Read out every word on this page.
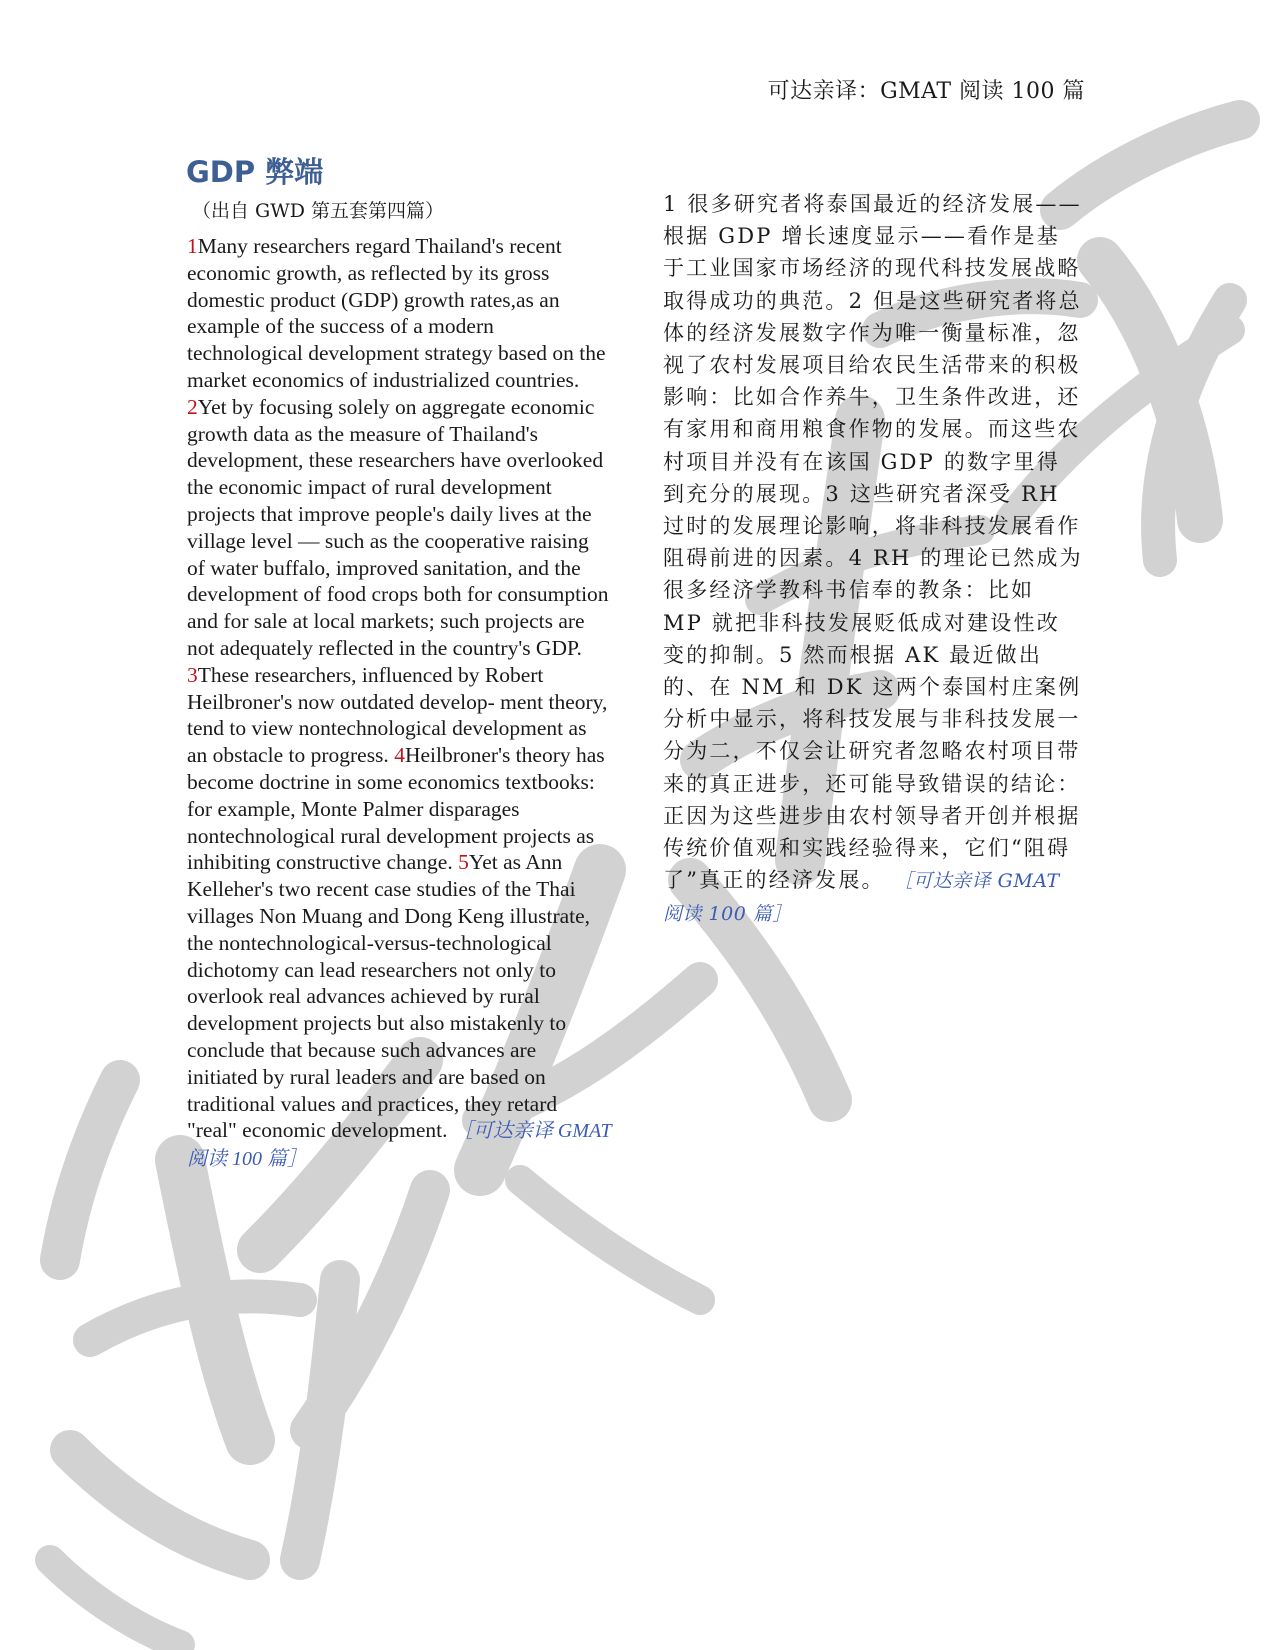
可达亲译：GMAT 阅读 100 篇
GDP 弊端
（出自 GWD 第五套第四篇）
1Many researchers regard Thailand's recent economic growth, as reflected by its gross domestic product (GDP) growth rates,as an example of the success of a modern technological development strategy based on the market economics of industrialized countries. 2Yet by focusing solely on aggregate economic growth data as the measure of Thailand's development, these researchers have overlooked the economic impact of rural development projects that improve people's daily lives at the village level — such as the cooperative raising of water buffalo, improved sanitation, and the development of food crops both for consumption and for sale at local markets; such projects are not adequately reflected in the country's GDP. 3These researchers, influenced by Robert Heilbroner's now outdated develop- ment theory, tend to view nontechnological development as an obstacle to progress. 4Heilbroner's theory has become doctrine in some economics textbooks: for example, Monte Palmer disparages nontechnological rural development projects as inhibiting constructive change. 5Yet as Ann Kelleher's two recent case studies of the Thai villages Non Muang and Dong Keng illustrate, the nontechnological-versus-technological dichotomy can lead researchers not only to overlook real advances achieved by rural development projects but also mistakenly to conclude that because such advances are initiated by rural leaders and are based on traditional values and practices, they retard "real" economic development. ［可达亲译 GMAT 阅读 100 篇］
1 很多研究者将泰国最近的经济发展——根据 GDP 增长速度显示——看作是基于工业国家市场经济的现代科技发展战略取得成功的典范。2 但是这些研究者将总体的经济发展数字作为唯一衡量标准，忽视了农村发展项目给农民生活带来的积极影响：比如合作养牛，卫生条件改进，还有家用和商用粮食作物的发展。而这些农村项目并没有在该国 GDP 的数字里得到充分的展现。3 这些研究者深受 RH 过时的发展理论影响，将非科技发展看作阻碍前进的因素。4 RH 的理论已然成为很多经济学教科书信奉的教条：比如 MP 就把非科技发展贬低成对建设性改变的抑制。5 然而根据 AK 最近做出的、在 NM 和 DK 这两个泰国村庄案例分析中显示，将科技发展与非科技发展一分为二，不仅会让研究者忽略农村项目带来的真正进步，还可能导致错误的结论：正因为这些进步由农村领导者开创并根据传统价值观和实践经验得来，它们“阻碍了”真正的经济发展。 ［可达亲译 GMAT 阅读 100 篇］
